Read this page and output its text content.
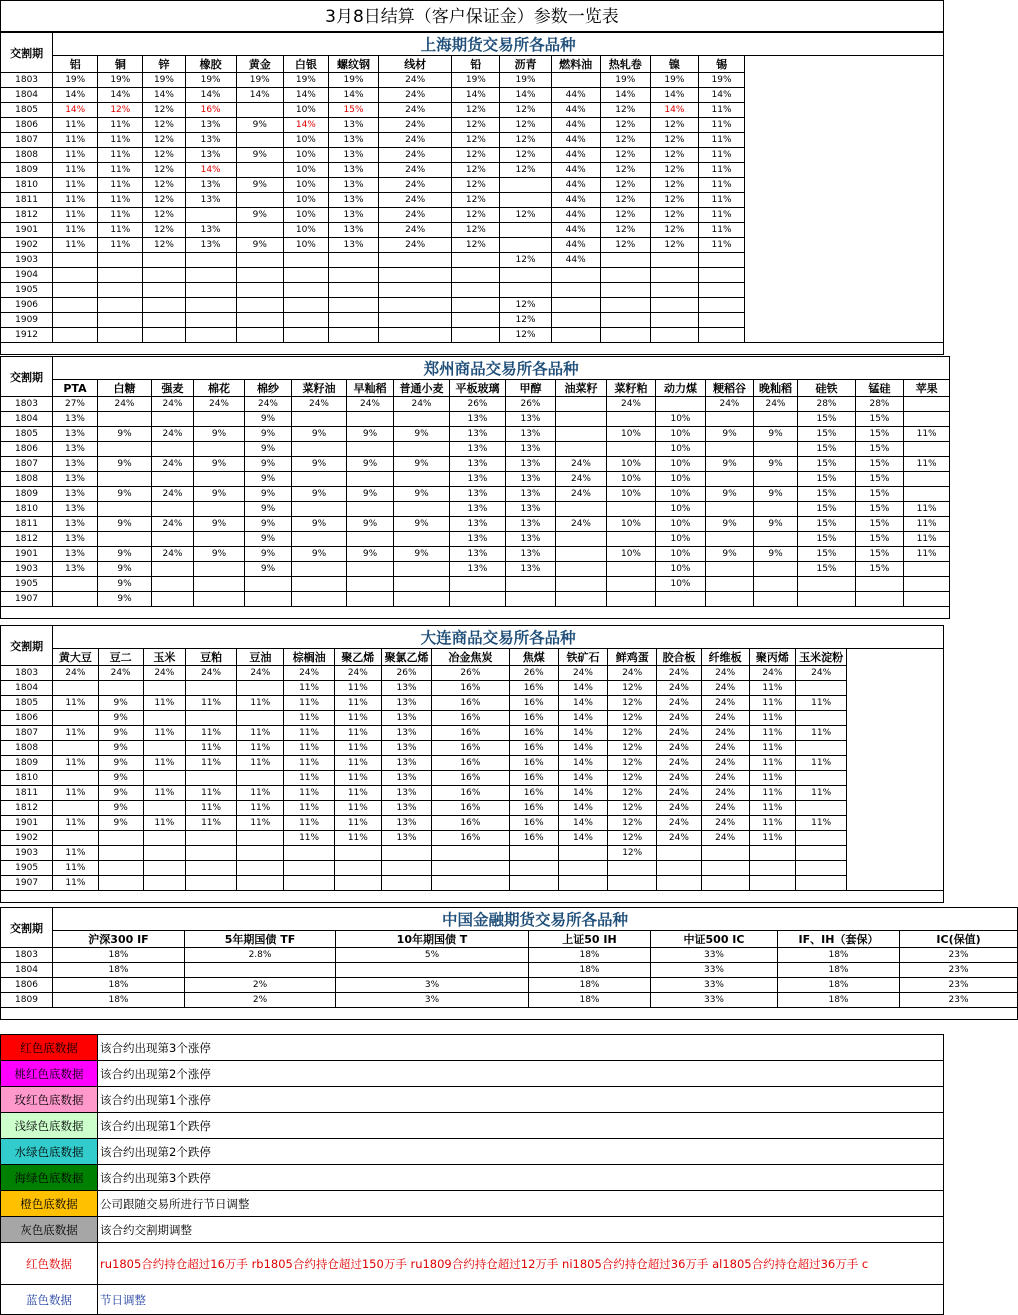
3月8日结算（客户保证金）参数一览表
交割期	上海期货交易所各品种														
	铝	铜	锌	橡胶	黄金	白银	螺纹钢	线材	铅	沥青	燃料油	热轧卷	镍	锡	
1803	19%	19%	19%	19%	19%	19%	19%	24%	19%	19%		19%	19%	19%	
1804	14%	14%	14%	14%	14%	14%	14%	24%	14%	14%	44%	14%	14%	14%	
1805	14%	12%	12%	16%		10%	15%	24%	12%	12%	44%	12%	14%	11%	
1806	11%	11%	12%	13%	9%	14%	13%	24%	12%	12%	44%	12%	12%	11%	
1807	11%	11%	12%	13%		10%	13%	24%	12%	12%	44%	12%	12%	11%	
1808	11%	11%	12%	13%	9%	10%	13%	24%	12%	12%	44%	12%	12%	11%	
1809	11%	11%	12%	14%		10%	13%	24%	12%	12%	44%	12%	12%	11%	
1810	11%	11%	12%	13%	9%	10%	13%	24%	12%		44%	12%	12%	11%	
1811	11%	11%	12%	13%		10%	13%	24%	12%		44%	12%	12%	11%	
1812	11%	11%	12%		9%	10%	13%	24%	12%	12%	44%	12%	12%	11%	
1901	11%	11%	12%	13%		10%	13%	24%	12%		44%	12%	12%	11%	
1902	11%	11%	12%	13%	9%	10%	13%	24%	12%		44%	12%	12%	11%	
1903										12%	44%				
1904															
1905															
1906										12%					
1909										12%					
1912										12%					

交割期	郑州商品交易所各品种																	
	PTA	白糖	强麦	棉花	棉纱	菜籽油	早籼稻	普通小麦	平板玻璃	甲醇	油菜籽	菜籽粕	动力煤	粳稻谷	晚籼稻	硅铁	锰硅	苹果
1803	27%	24%	24%	24%	24%	24%	24%	24%	26%	26%		24%		24%	24%	28%	28%	
1804	13%				9%				13%	13%			10%			15%	15%	
1805	13%	9%	24%	9%	9%	9%	9%	9%	13%	13%		10%	10%	9%	9%	15%	15%	11%
1806	13%				9%				13%	13%			10%			15%	15%	
1807	13%	9%	24%	9%	9%	9%	9%	9%	13%	13%	24%	10%	10%	9%	9%	15%	15%	11%
1808	13%				9%				13%	13%	24%	10%	10%			15%	15%	
1809	13%	9%	24%	9%	9%	9%	9%	9%	13%	13%	24%	10%	10%	9%	9%	15%	15%	
1810	13%				9%				13%	13%			10%			15%	15%	11%
1811	13%	9%	24%	9%	9%	9%	9%	9%	13%	13%	24%	10%	10%	9%	9%	15%	15%	11%
1812	13%				9%				13%	13%			10%			15%	15%	11%
1901	13%	9%	24%	9%	9%	9%	9%	9%	13%	13%		10%	10%	9%	9%	15%	15%	11%
1903	13%	9%			9%				13%	13%			10%			15%	15%	
1905		9%											10%					
1907		9%																

交割期	大连商品交易所各品种																
	黄大豆	豆二	玉米	豆粕	豆油	棕榈油	聚乙烯	聚氯乙烯	冶金焦炭	焦煤	铁矿石	鲜鸡蛋	胶合板	纤维板	聚丙烯	玉米淀粉	
1803	24%	24%	24%	24%	24%	24%	24%	26%	26%	26%	24%	24%	24%	24%	24%	24%	
1804						11%	11%	13%	16%	16%	14%	12%	24%	24%	11%		
1805	11%	9%	11%	11%	11%	11%	11%	13%	16%	16%	14%	12%	24%	24%	11%	11%	
1806		9%				11%	11%	13%	16%	16%	14%	12%	24%	24%	11%		
1807	11%	9%	11%	11%	11%	11%	11%	13%	16%	16%	14%	12%	24%	24%	11%	11%	
1808		9%		11%	11%	11%	11%	13%	16%	16%	14%	12%	24%	24%	11%		
1809	11%	9%	11%	11%	11%	11%	11%	13%	16%	16%	14%	12%	24%	24%	11%	11%	
1810		9%				11%	11%	13%	16%	16%	14%	12%	24%	24%	11%		
1811	11%	9%	11%	11%	11%	11%	11%	13%	16%	16%	14%	12%	24%	24%	11%	11%	
1812		9%		11%	11%	11%	11%	13%	16%	16%	14%	12%	24%	24%	11%		
1901	11%	9%	11%	11%	11%	11%	11%	13%	16%	16%	14%	12%	24%	24%	11%	11%	
1902						11%	11%	13%	16%	16%	14%	12%	24%	24%	11%		
1903	11%											12%					
1905	11%																
1907	11%																

交割期	中国金融期货交易所各品种						
	沪深300 IF	5年期国债 TF	10年期国债 T	上证50 IH	中证500 IC	IF、IH（套保）	IC(保值)
1803	18%	2.8%	5%	18%	33%	18%	23%
1804	18%			18%	33%	18%	23%
1806	18%	2%	3%	18%	33%	18%	23%
1809	18%	2%	3%	18%	33%	18%	23%

红色底数据	该合约出现第3个涨停
桃红色底数据	该合约出现第2个涨停
玫红色底数据	该合约出现第1个涨停
浅绿色底数据	该合约出现第1个跌停
水绿色底数据	该合约出现第2个跌停
海绿色底数据	该合约出现第3个跌停
橙色底数据	公司跟随交易所进行节日调整
灰色底数据	该合约交割期调整
红色数据	ru1805合约持仓超过16万手 rb1805合约持仓超过150万手 ru1809合约持仓超过12万手 ni1805合约持仓超过36万手 al1805合约持仓超过36万手 c
蓝色数据	节日调整
